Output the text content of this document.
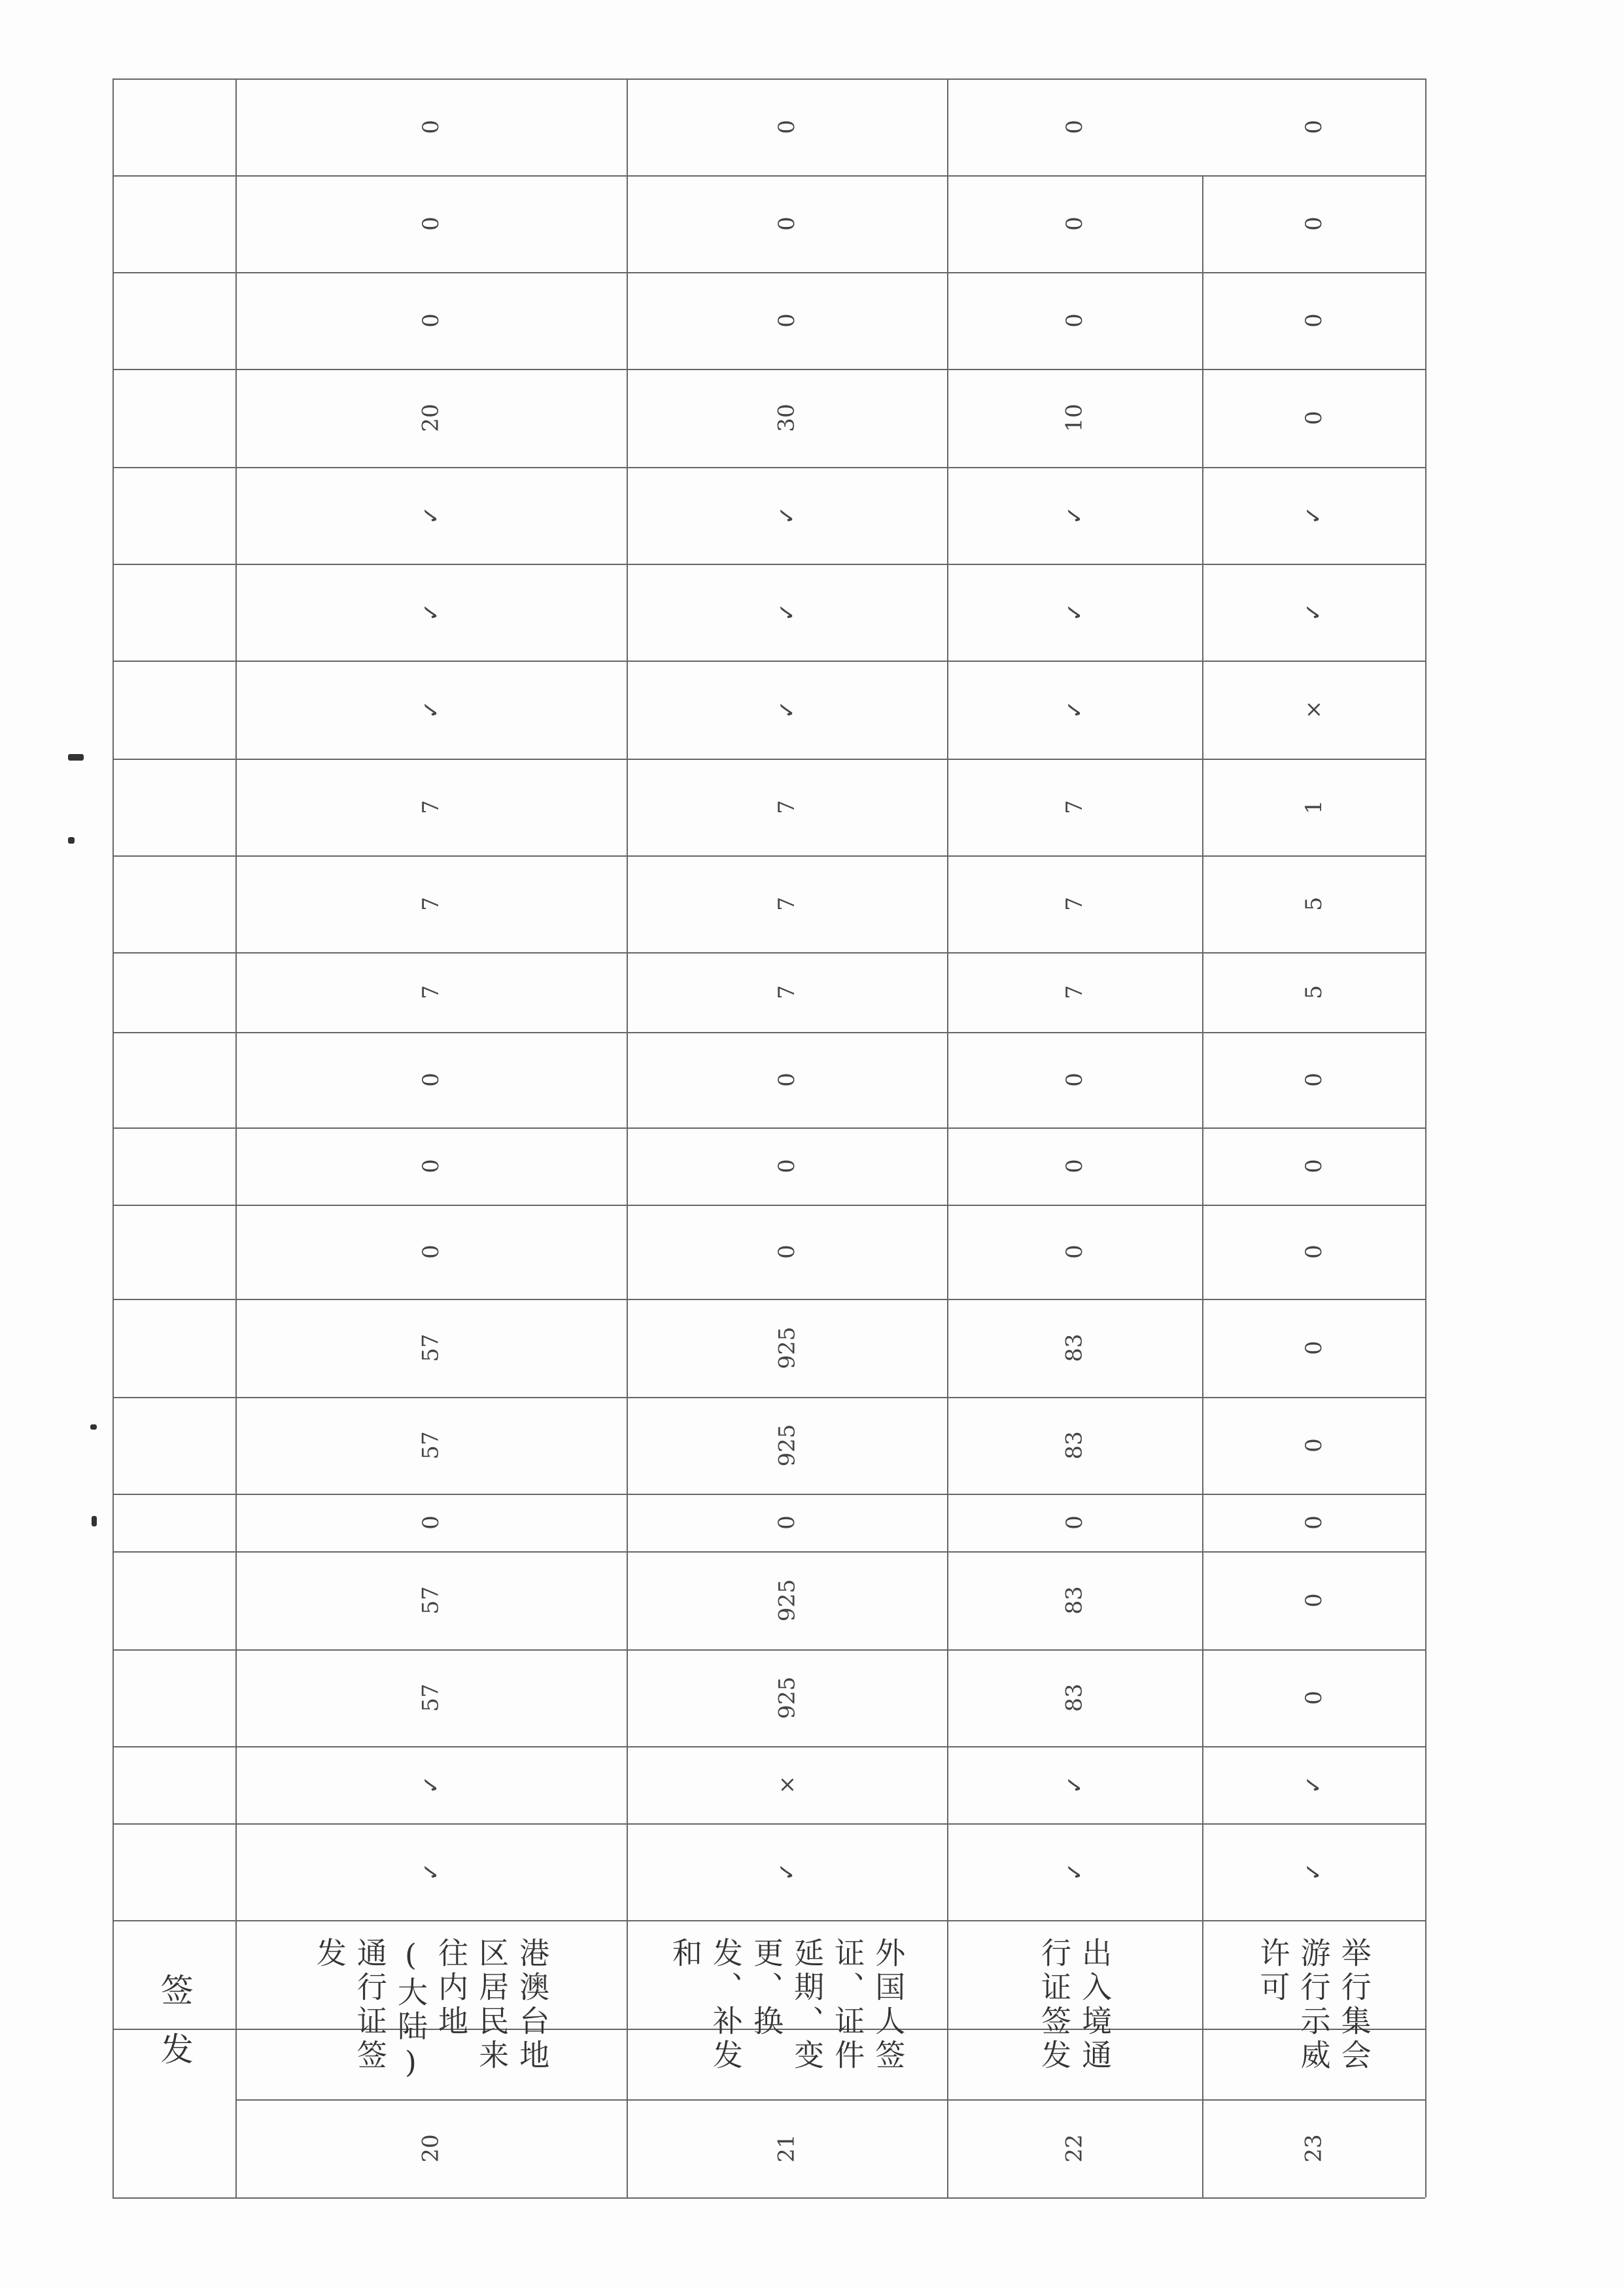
签发
0
0
0
20
✓
✓
✓
7
7
7
0
0
0
57
57
0
57
57
✓
✓
港澳台地区居民来往内地(大陆)通行证签发
20
0
0
0
30
✓
✓
✓
7
7
7
0
0
0
925
925
0
925
925
×
✓
外国人签证、证件延期、变更、换发、补发和
21
0
0
0
10
✓
✓
✓
7
7
7
0
0
0
83
83
0
83
83
✓
✓
出入境通行证签发
22
0
0
0
0
✓
✓
×
1
5
5
0
0
0
0
0
0
0
0
✓
✓
举行集会游行示威许可
23
